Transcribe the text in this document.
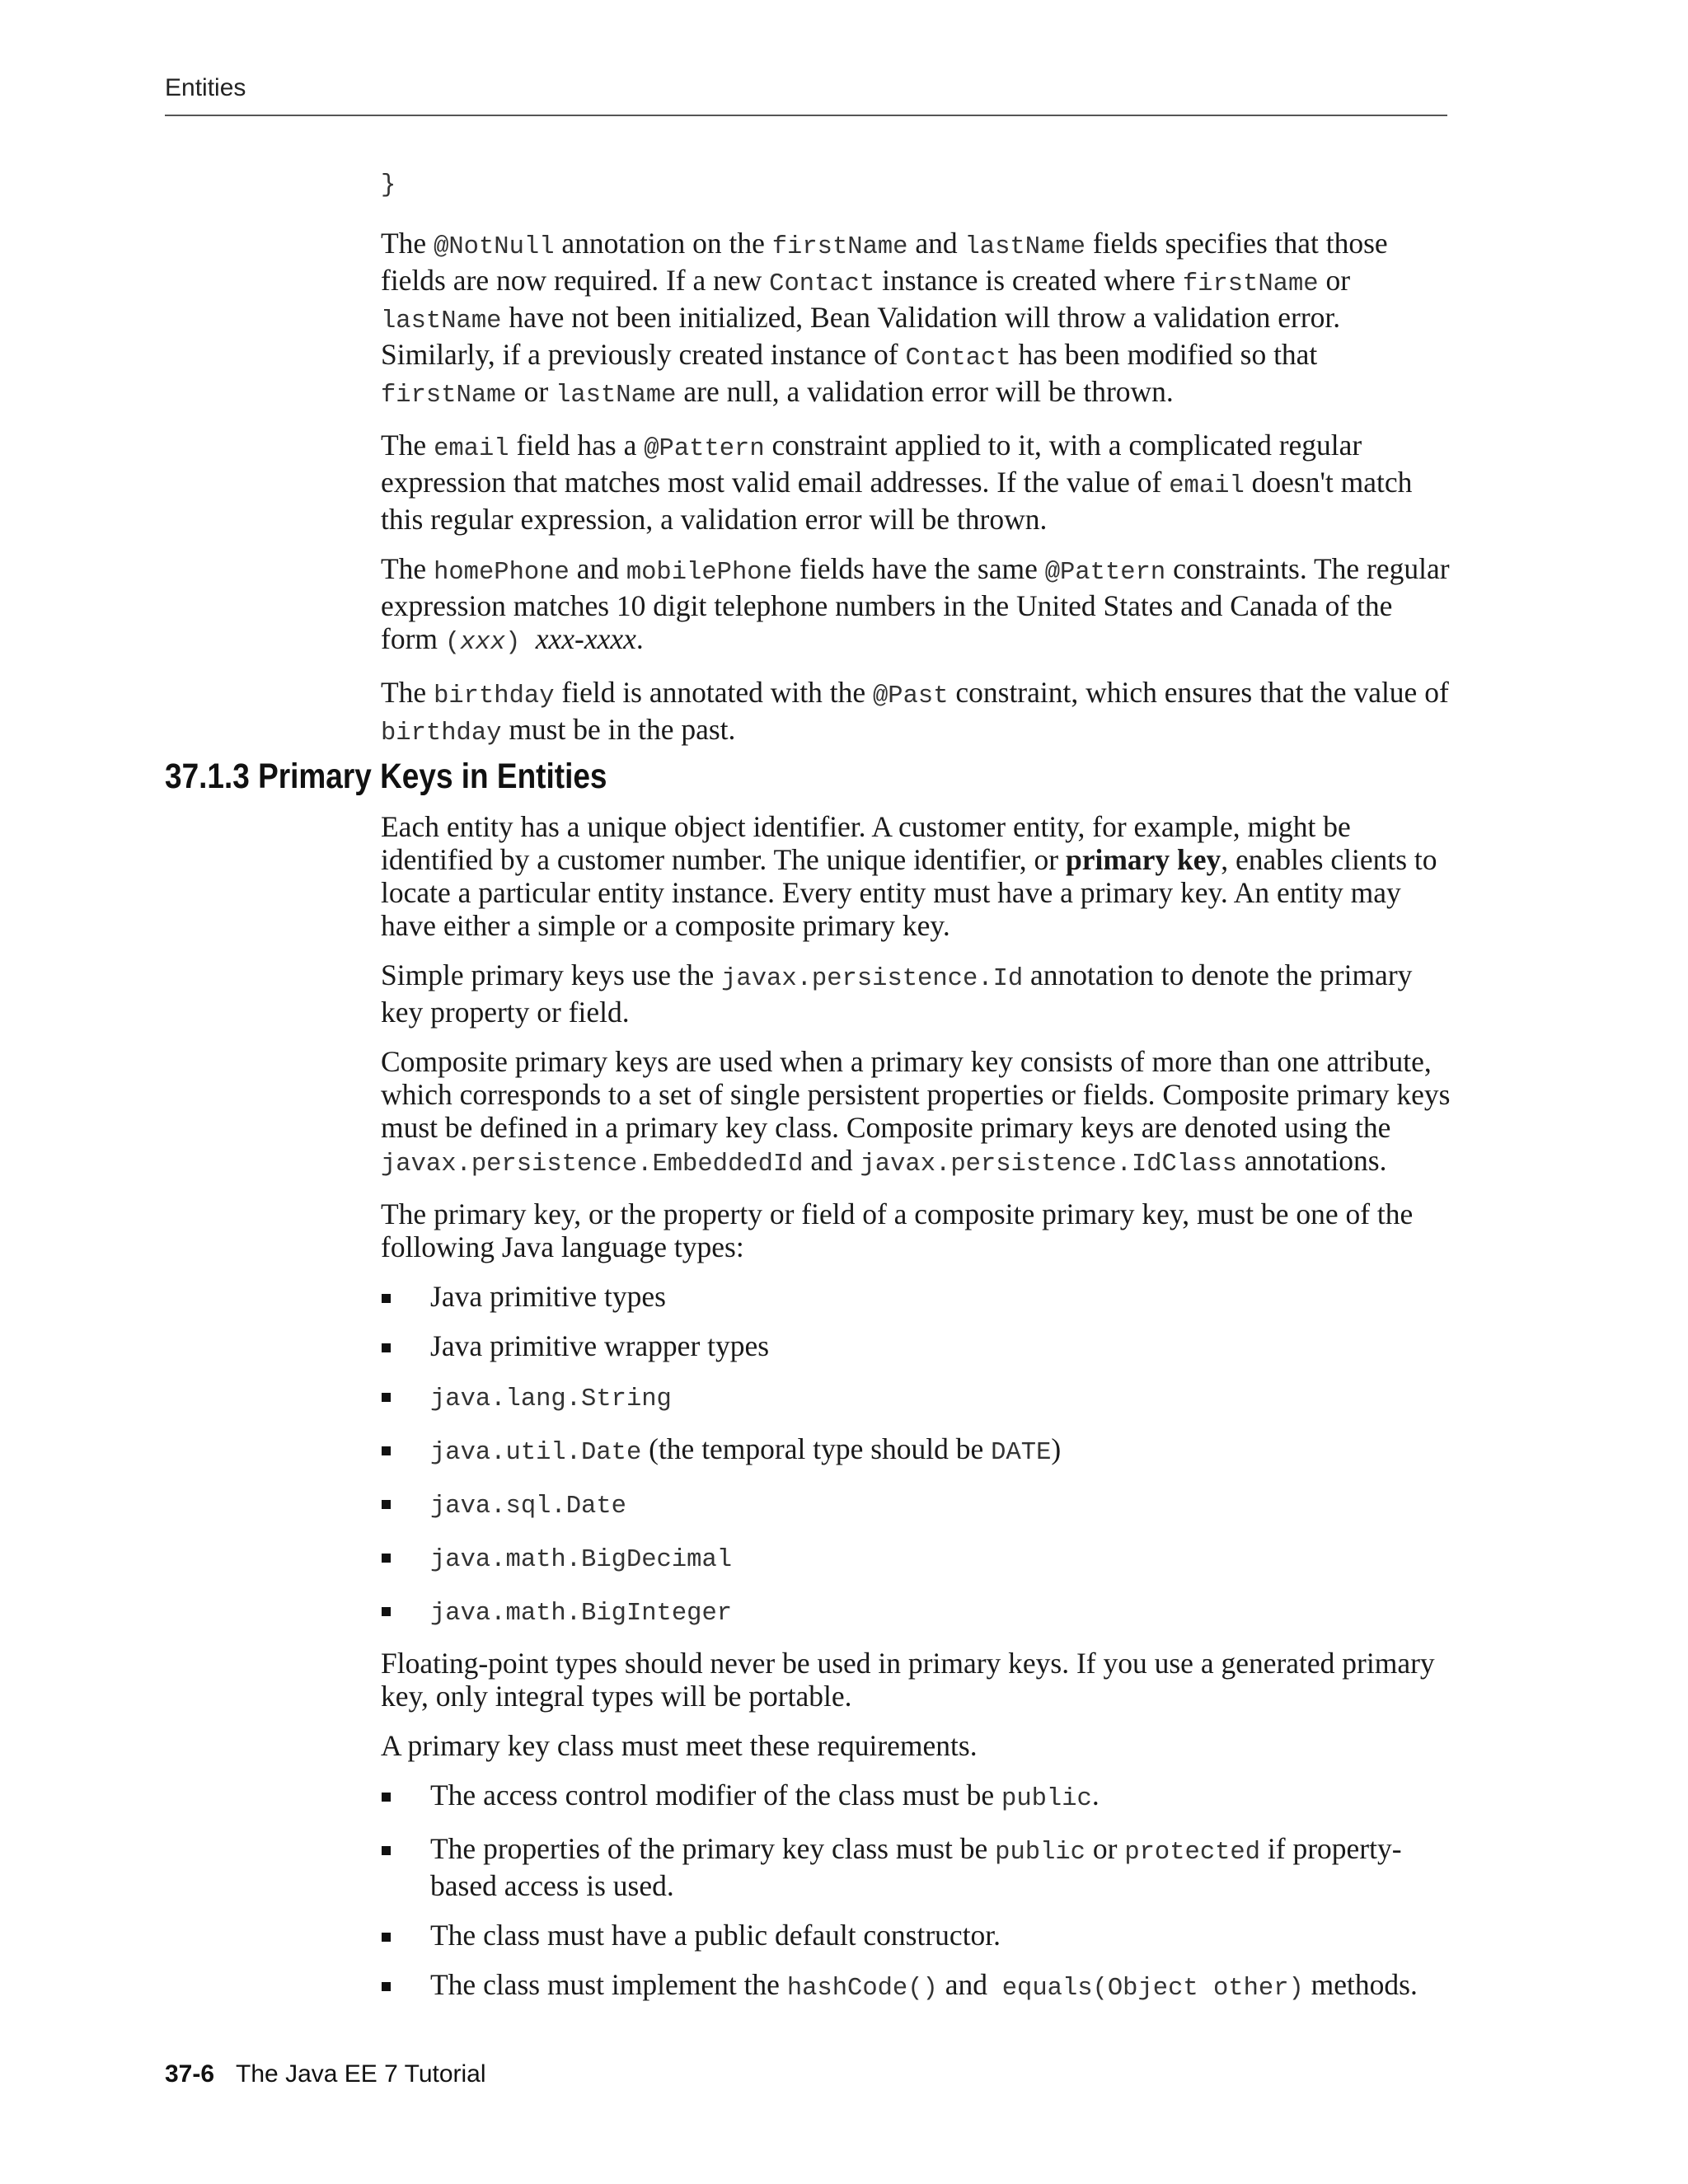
Entities
}

The @NotNull annotation on the firstName and lastName fields specifies that those fields are now required. If a new Contact instance is created where firstName or lastName have not been initialized, Bean Validation will throw a validation error. Similarly, if a previously created instance of Contact has been modified so that firstName or lastName are null, a validation error will be thrown.

The email field has a @Pattern constraint applied to it, with a complicated regular expression that matches most valid email addresses. If the value of email doesn't match this regular expression, a validation error will be thrown.

The homePhone and mobilePhone fields have the same @Pattern constraints. The regular expression matches 10 digit telephone numbers in the United States and Canada of the form (xxx) xxx-xxxx.

The birthday field is annotated with the @Past constraint, which ensures that the value of birthday must be in the past.

37.1.3 Primary Keys in Entities

Each entity has a unique object identifier. A customer entity, for example, might be identified by a customer number. The unique identifier, or primary key, enables clients to locate a particular entity instance. Every entity must have a primary key. An entity may have either a simple or a composite primary key.

Simple primary keys use the javax.persistence.Id annotation to denote the primary key property or field.

Composite primary keys are used when a primary key consists of more than one attribute, which corresponds to a set of single persistent properties or fields. Composite primary keys must be defined in a primary key class. Composite primary keys are denoted using the javax.persistence.EmbeddedId and javax.persistence.IdClass annotations.

The primary key, or the property or field of a composite primary key, must be one of the following Java language types:

Java primitive types
Java primitive wrapper types
java.lang.String
java.util.Date (the temporal type should be DATE)
java.sql.Date
java.math.BigDecimal
java.math.BigInteger

Floating-point types should never be used in primary keys. If you use a generated primary key, only integral types will be portable.

A primary key class must meet these requirements.

The access control modifier of the class must be public.
The properties of the primary key class must be public or protected if property-based access is used.
The class must have a public default constructor.
The class must implement the hashCode() and  equals(Object other) methods.
37-6 The Java EE 7 Tutorial
